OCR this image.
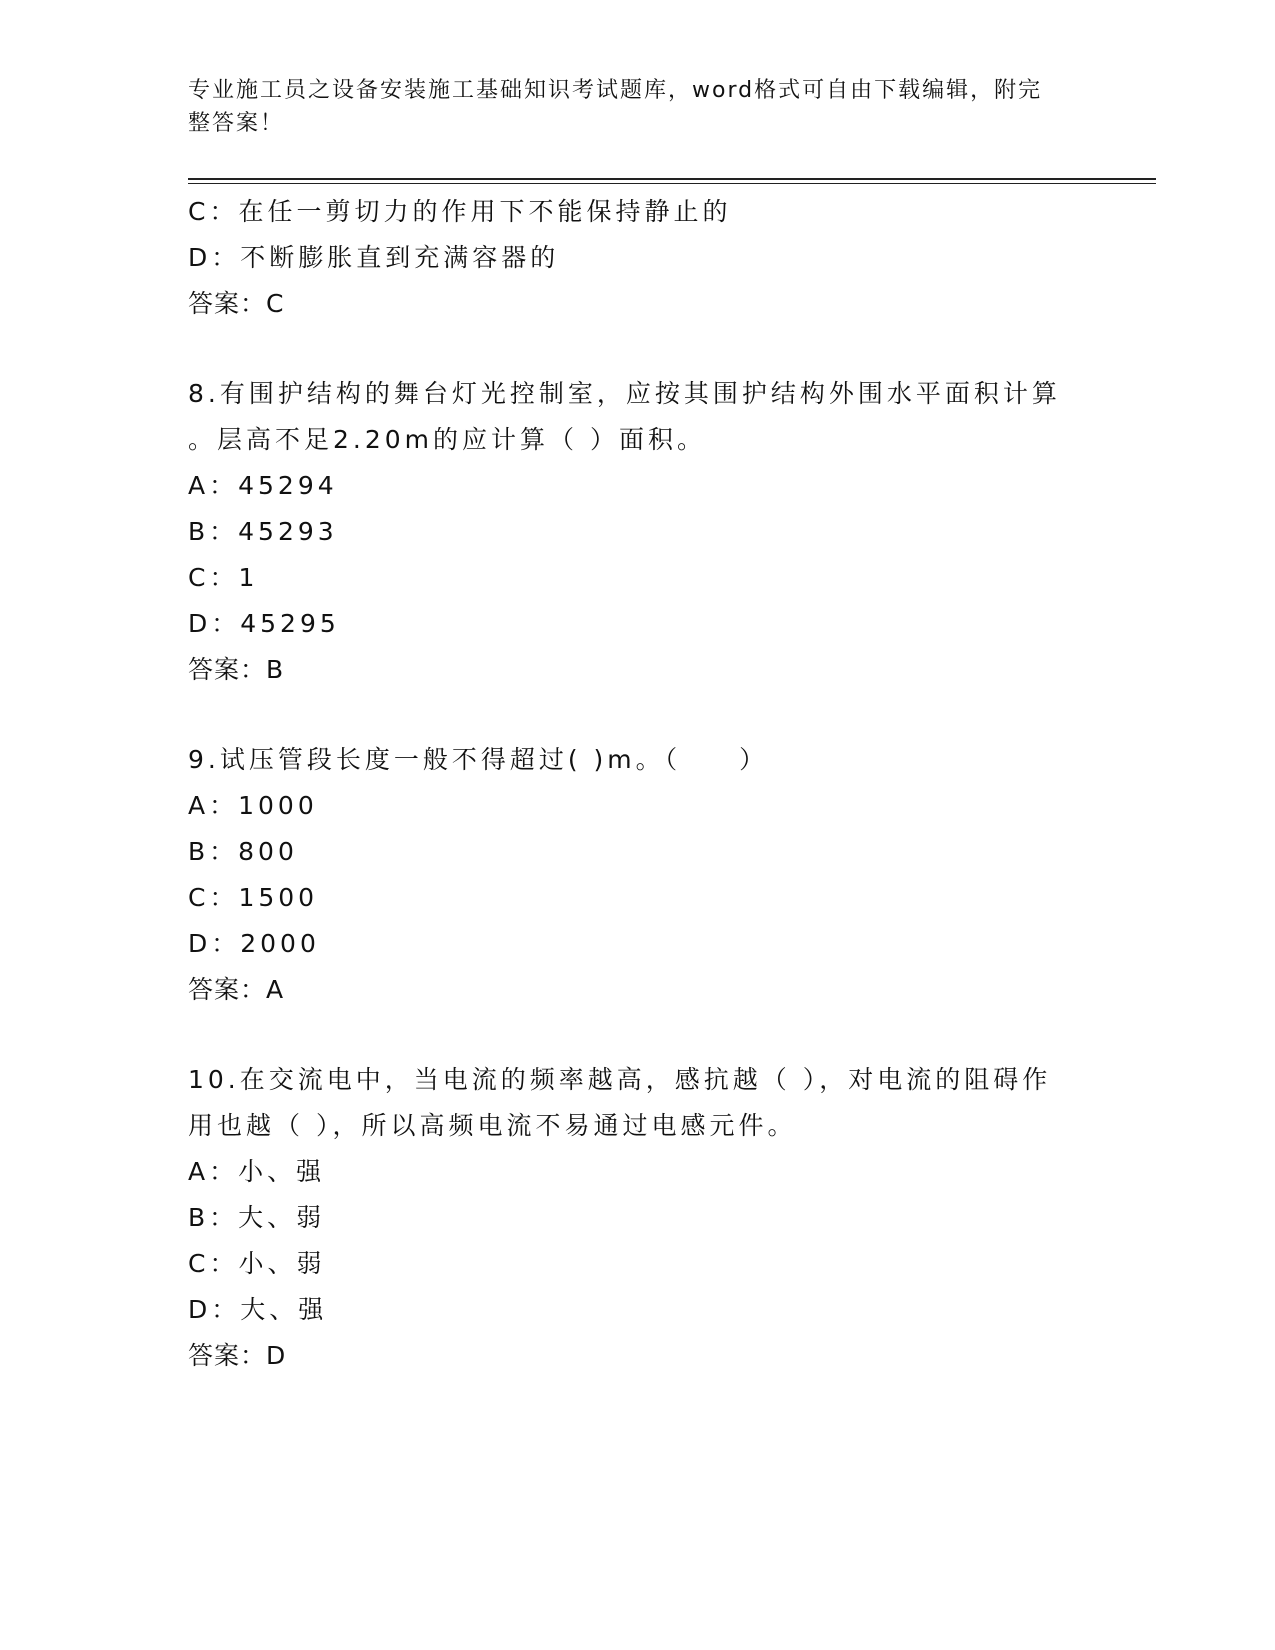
专业施工员之设备安装施工基础知识考试题库，word格式可自由下载编辑，附完
整答案！
C：在任一剪切力的作用下不能保持静止的
D：不断膨胀直到充满容器的
答案：C
8.有围护结构的舞台灯光控制室，应按其围护结构外围水平面积计算
。层高不足2.20m的应计算（ ）面积。
A：45294
B：45293
C：1
D：45295
答案：B
9.试压管段长度一般不得超过( )m。（　　）
A：1000
B：800
C：1500
D：2000
答案：A
10.在交流电中，当电流的频率越高，感抗越（ ），对电流的阻碍作
用也越（ ），所以高频电流不易通过电感元件。
A：小、强
B：大、弱
C：小、弱
D：大、强
答案：D
